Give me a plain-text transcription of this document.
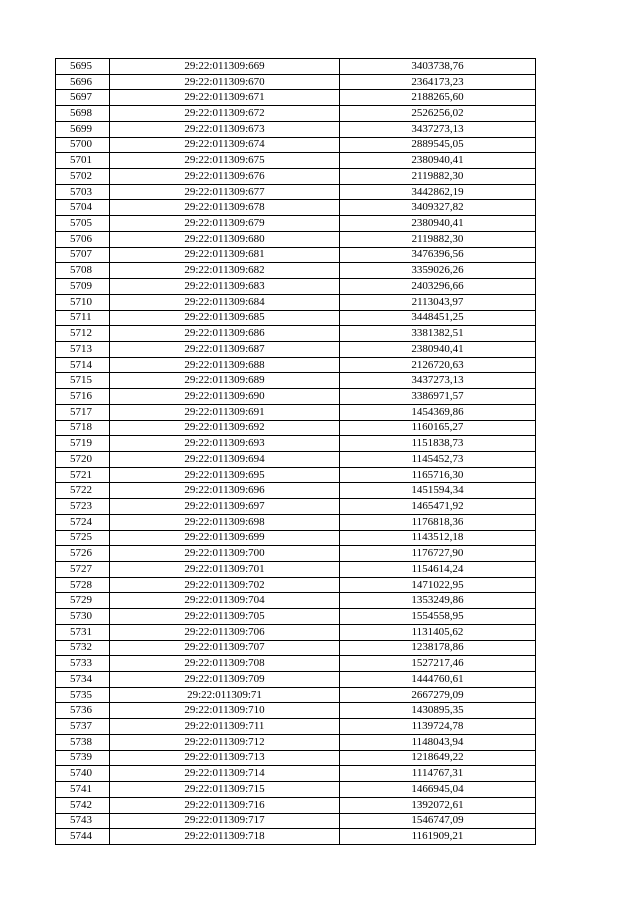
5695	29:22:011309:669	3403738,76
5696	29:22:011309:670	2364173,23
5697	29:22:011309:671	2188265,60
5698	29:22:011309:672	2526256,02
5699	29:22:011309:673	3437273,13
5700	29:22:011309:674	2889545,05
5701	29:22:011309:675	2380940,41
5702	29:22:011309:676	2119882,30
5703	29:22:011309:677	3442862,19
5704	29:22:011309:678	3409327,82
5705	29:22:011309:679	2380940,41
5706	29:22:011309:680	2119882,30
5707	29:22:011309:681	3476396,56
5708	29:22:011309:682	3359026,26
5709	29:22:011309:683	2403296,66
5710	29:22:011309:684	2113043,97
5711	29:22:011309:685	3448451,25
5712	29:22:011309:686	3381382,51
5713	29:22:011309:687	2380940,41
5714	29:22:011309:688	2126720,63
5715	29:22:011309:689	3437273,13
5716	29:22:011309:690	3386971,57
5717	29:22:011309:691	1454369,86
5718	29:22:011309:692	1160165,27
5719	29:22:011309:693	1151838,73
5720	29:22:011309:694	1145452,73
5721	29:22:011309:695	1165716,30
5722	29:22:011309:696	1451594,34
5723	29:22:011309:697	1465471,92
5724	29:22:011309:698	1176818,36
5725	29:22:011309:699	1143512,18
5726	29:22:011309:700	1176727,90
5727	29:22:011309:701	1154614,24
5728	29:22:011309:702	1471022,95
5729	29:22:011309:704	1353249,86
5730	29:22:011309:705	1554558,95
5731	29:22:011309:706	1131405,62
5732	29:22:011309:707	1238178,86
5733	29:22:011309:708	1527217,46
5734	29:22:011309:709	1444760,61
5735	29:22:011309:71	2667279,09
5736	29:22:011309:710	1430895,35
5737	29:22:011309:711	1139724,78
5738	29:22:011309:712	1148043,94
5739	29:22:011309:713	1218649,22
5740	29:22:011309:714	1114767,31
5741	29:22:011309:715	1466945,04
5742	29:22:011309:716	1392072,61
5743	29:22:011309:717	1546747,09
5744	29:22:011309:718	1161909,21
